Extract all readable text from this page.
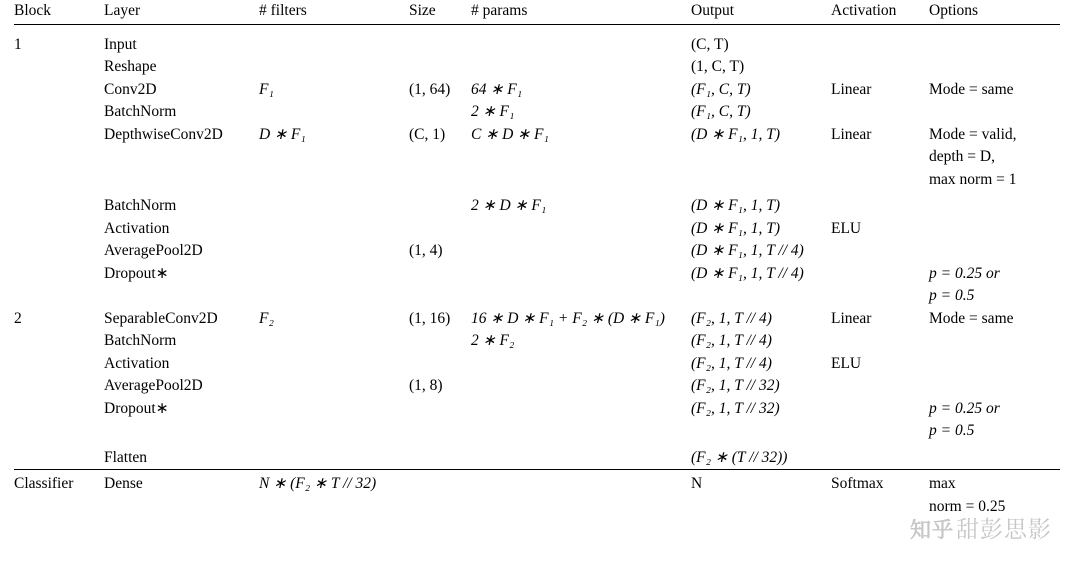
Block	Layer	# filters	Size	# params	Output	Activation	Options

1	Input				(C, T)		
	Reshape				(1, C, T)		
	Conv2D	F₁	(1, 64)	64 ∗ F₁	(F₁, C, T)	Linear	Mode = same
	BatchNorm			2 ∗ F₁	(F₁, C, T)		
	DepthwiseConv2D	D ∗ F₁	(C, 1)	C ∗ D ∗ F₁	(D ∗ F₁, 1, T)	Linear	Mode = valid,
							depth = D,
							max norm = 1

	BatchNorm			2 ∗ D ∗ F₁	(D ∗ F₁, 1, T)		
	Activation				(D ∗ F₁, 1, T)	ELU	
	AveragePool2D		(1, 4)		(D ∗ F₁, 1, T // 4)		
	Dropout∗				(D ∗ F₁, 1, T // 4)		p = 0.25 or
							p = 0.5
2	SeparableConv2D	F₂	(1, 16)	16 ∗ D ∗ F₁ + F₂ ∗ (D ∗ F₁)	(F₂, 1, T // 4)	Linear	Mode = same
	BatchNorm			2 ∗ F₂	(F₂, 1, T // 4)		
	Activation				(F₂, 1, T // 4)	ELU	
	AveragePool2D		(1, 8)		(F₂, 1, T // 32)		
	Dropout∗				(F₂, 1, T // 32)		p = 0.25 or
							p = 0.5

	Flatten				(F₂ ∗ (T // 32))		
Classifier	Dense	N ∗ (F₂ ∗ T // 32)			N	Softmax	max
							norm = 0.25
知乎甜彭思影
